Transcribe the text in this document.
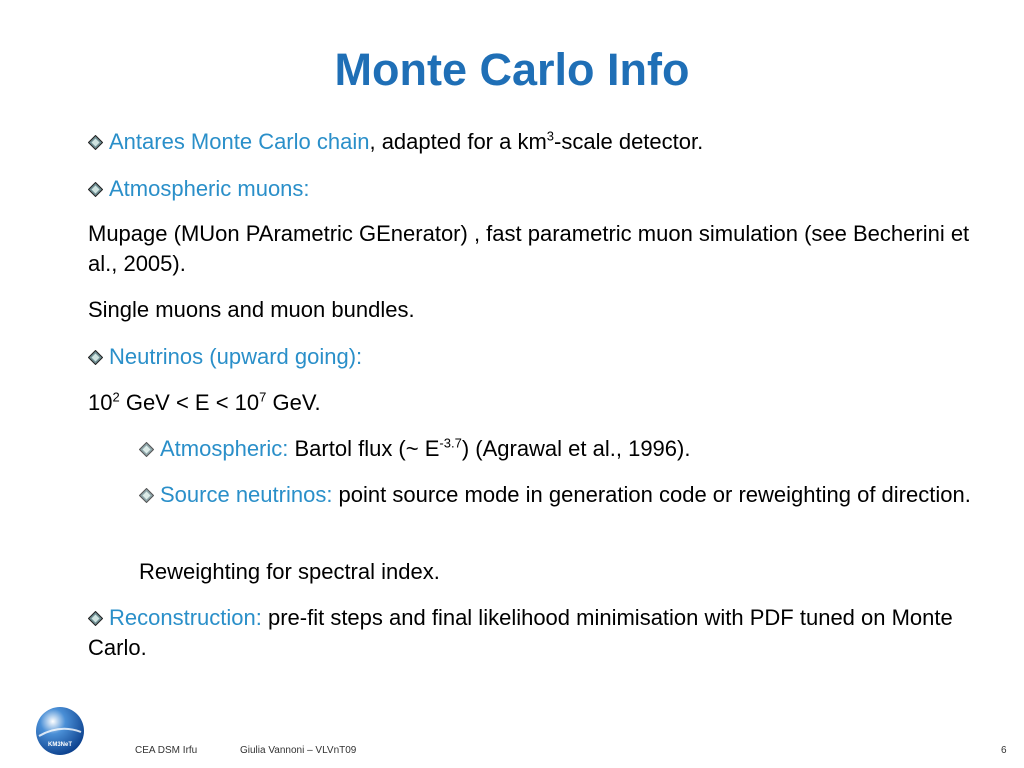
Monte Carlo Info

Antares Monte Carlo chain, adapted for a $km^3$-scale detector.

Atmospheric muons:

Mupage (MUon PArametric GEnerator) , fast parametric muon simulation (see Becherini et al., 2005).

Single muons and muon bundles.

Neutrinos (upward going):

$10^2$ GeV < $E < 10^7$ GeV.

Atmospheric: Bartol flux (~ $E^{-3.7}$) (Agrawal et al., 1996).

Source neutrinos: point source mode in generation code or reweighting of direction.

Reweighting for spectral index.

Reconstruction: pre-fit steps and final likelihood minimisation with PDF tuned on Monte Carlo.

KM3NeT	CEA DSM Irfu	Giulia Vannoni – VLVnT09	6
